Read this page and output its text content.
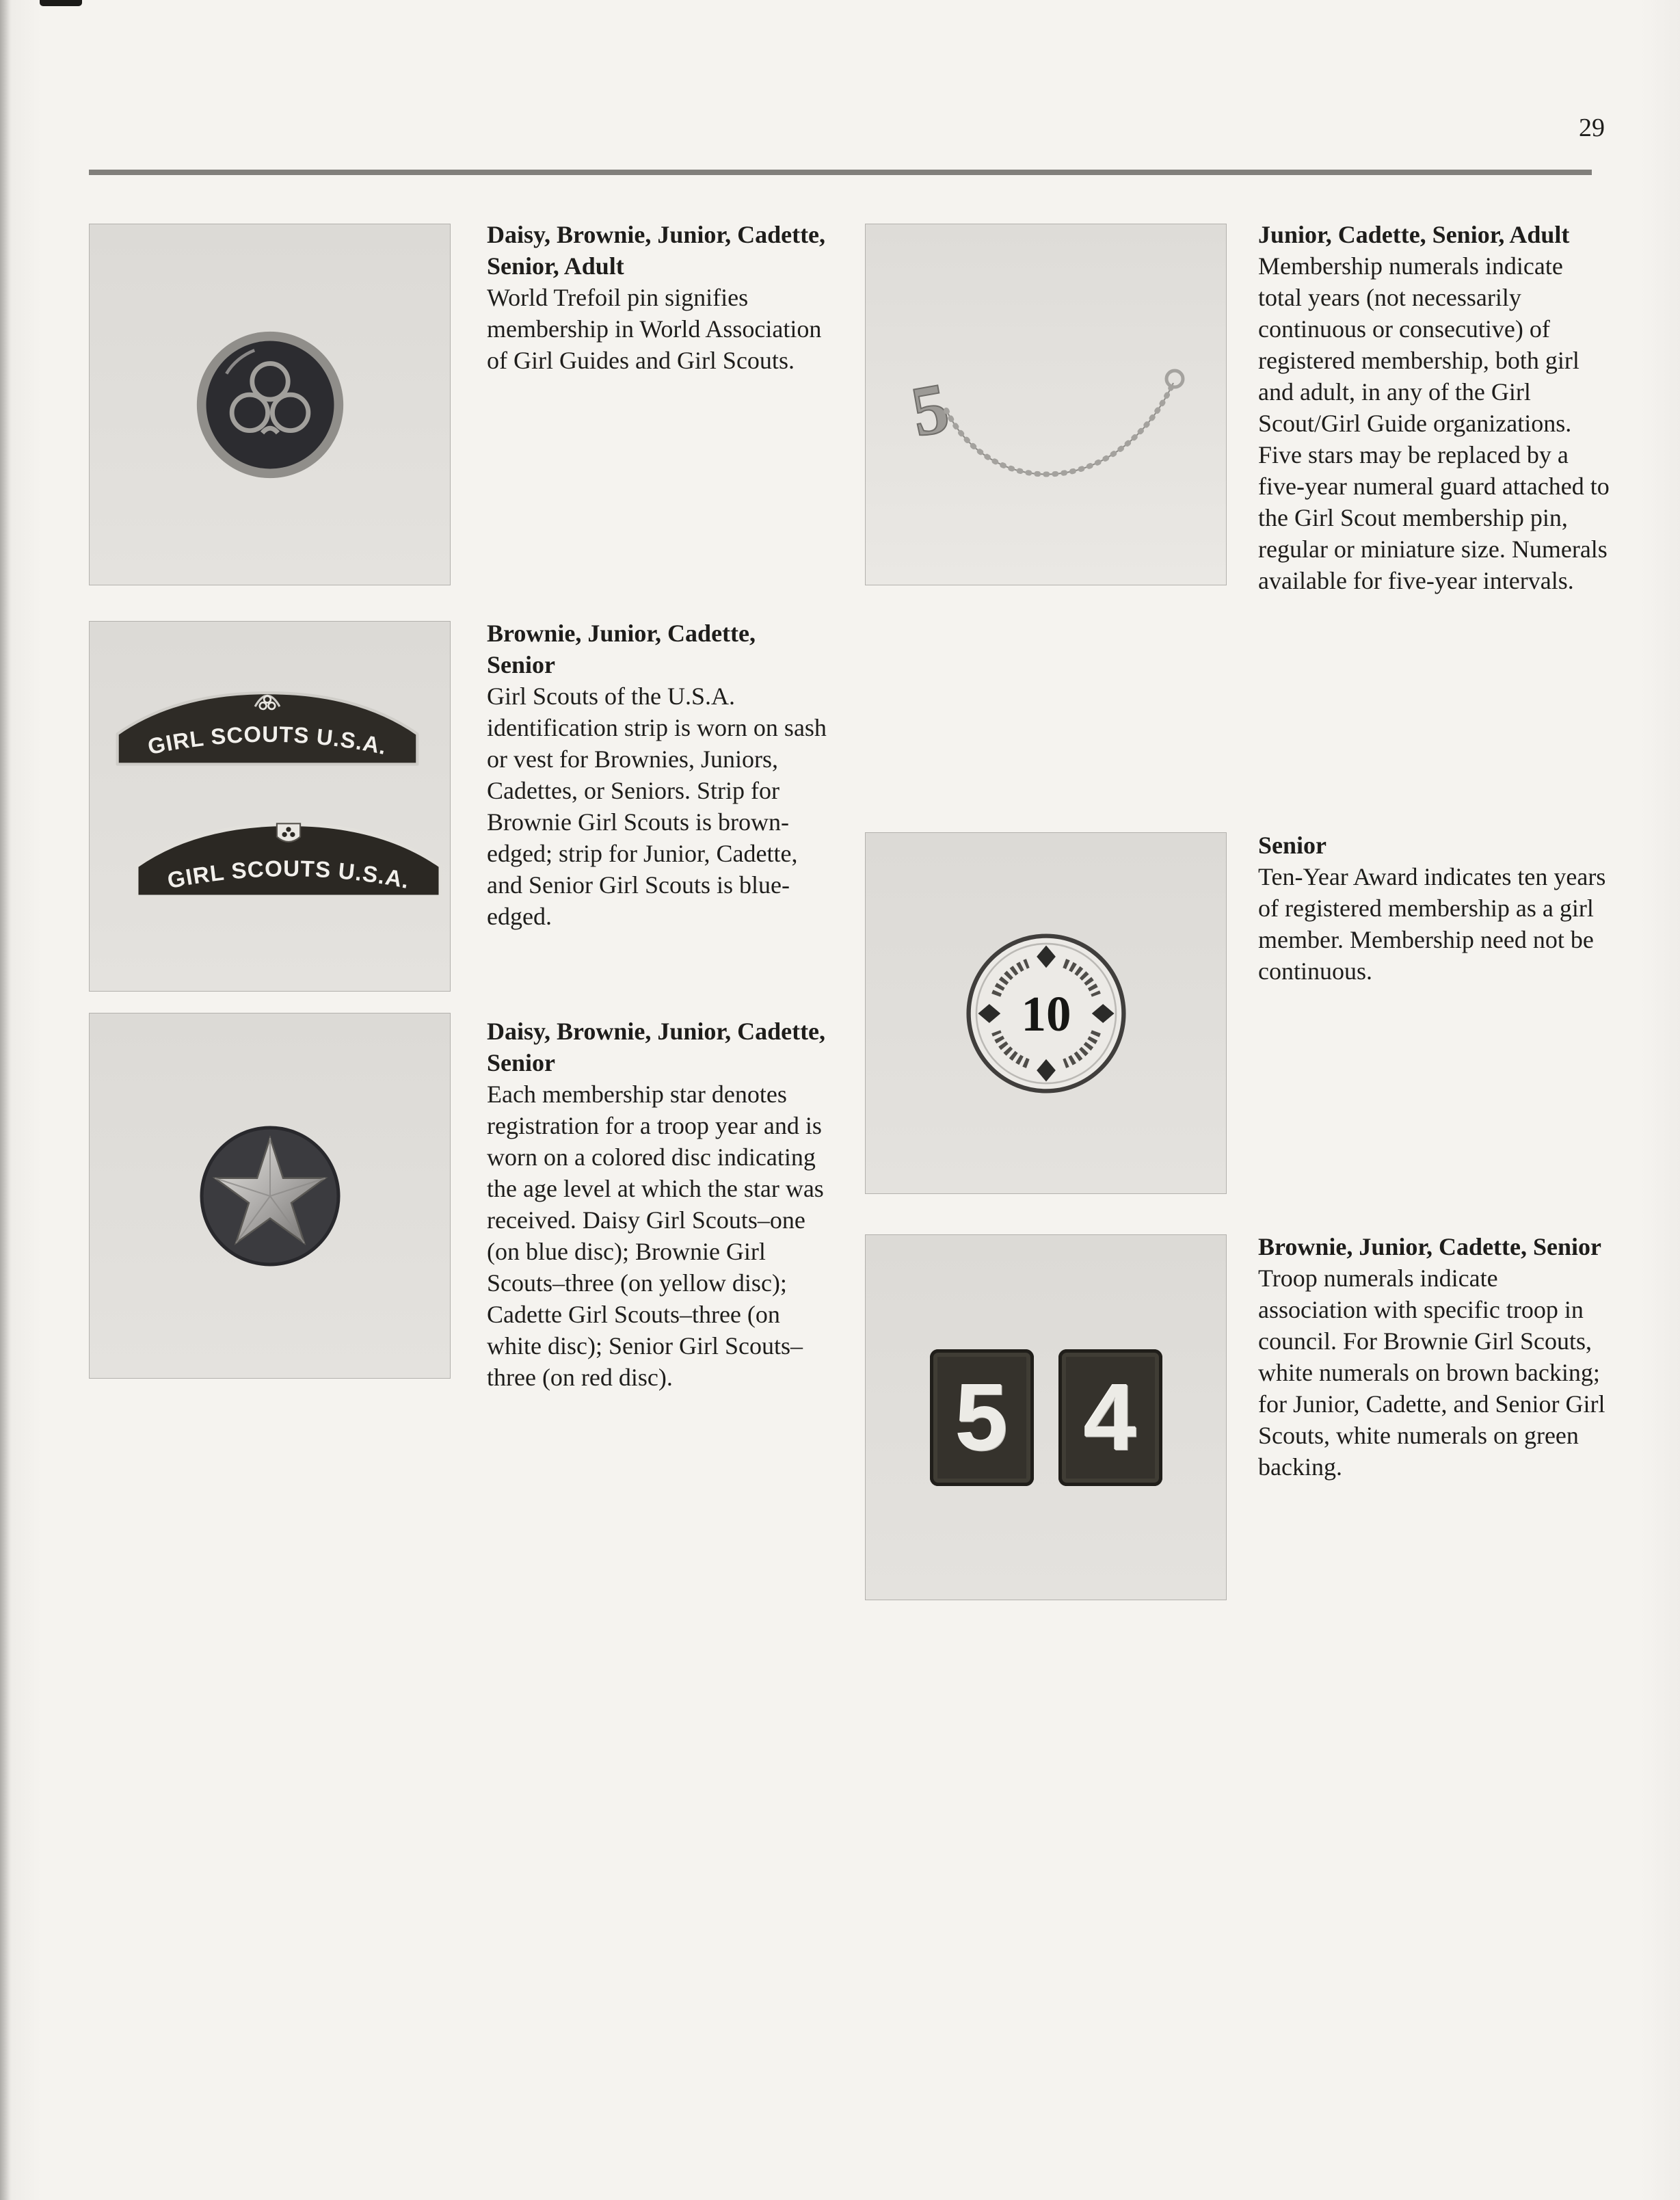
29
Daisy, Brownie, Junior, Cadette, Senior, Adult

World Trefoil pin signifies membership in World Association of Girl Guides and Girl Scouts.

GIRL SCOUTS U.S.A.
GIRL SCOUTS U.S.A.
Brownie, Junior, Cadette, Senior

Girl Scouts of the U.S.A. identification strip is worn on sash or vest for Brownies, Juniors, Cadettes, or Seniors. Strip for Brownie Girl Scouts is brown-edged; strip for Junior, Cadette, and Senior Girl Scouts is blue-edged.

Daisy, Brownie, Junior, Cadette, Senior

Each membership star denotes registration for a troop year and is worn on a colored disc indicating the age level at which the star was received. Daisy Girl Scouts–one (on blue disc); Brownie Girl Scouts–three (on yellow disc); Cadette Girl Scouts–three (on white disc); Senior Girl Scouts–three (on red disc).

5
Junior, Cadette, Senior, Adult

Membership numerals indicate total years (not necessarily continuous or consecutive) of registered membership, both girl and adult, in any of the Girl Scout/Girl Guide organizations. Five stars may be replaced by a five-year numeral guard attached to the Girl Scout membership pin, regular or miniature size. Numerals available for five-year intervals.

10
Senior

Ten-Year Award indicates ten years of registered membership as a girl member. Membership need not be continuous.

5 4
Brownie, Junior, Cadette, Senior

Troop numerals indicate association with specific troop in council. For Brownie Girl Scouts, white numerals on brown backing; for Junior, Cadette, and Senior Girl Scouts, white numerals on green backing.
